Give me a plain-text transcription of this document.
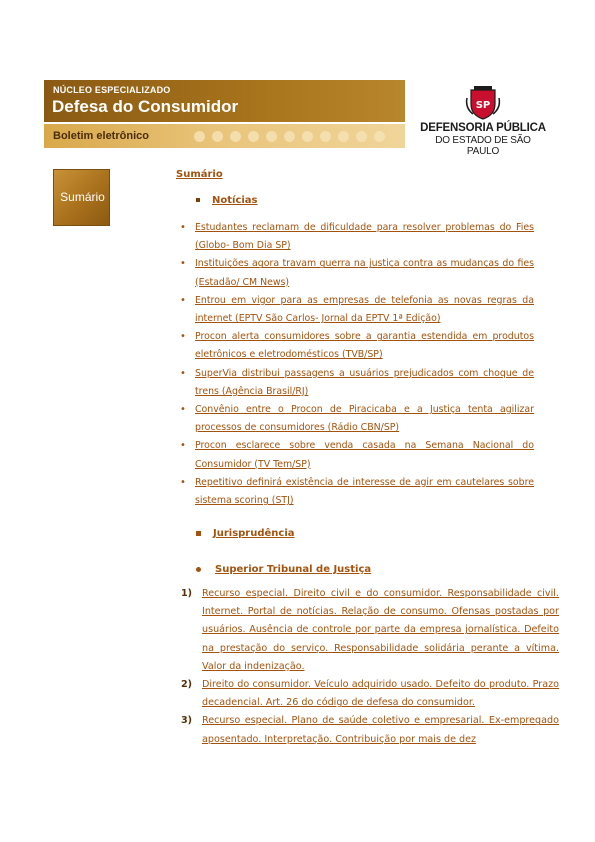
NÚCLEO ESPECIALIZADO
Defesa do Consumidor
Boletim eletrônico
SP
DEFENSORIA PÚBLICA
DO ESTADO DE SÃO PAULO
Sumário
Sumário
Notícias
• Estudantes reclamam de dificuldade para resolver problemas do Fies (Globo- Bom Dia SP)
• Instituições agora travam guerra na justiça contra as mudanças do fies (Estadão/ CM News)
• Entrou em vigor para as empresas de telefonia as novas regras da internet (EPTV São Carlos- Jornal da EPTV 1ª Edição)
• Procon alerta consumidores sobre a garantia estendida em produtos eletrônicos e eletrodomésticos (TVB/SP)
• SuperVia distribui passagens a usuários prejudicados com choque de trens (Agência Brasil/RJ)
• Convênio entre o Procon de Piracicaba e a Justiça tenta agilizar processos de consumidores (Rádio CBN/SP)
• Procon esclarece sobre venda casada na Semana Nacional do Consumidor (TV Tem/SP)
• Repetitivo definirá existência de interesse de agir em cautelares sobre sistema scoring (STJ)
Jurisprudência
Superior Tribunal de Justiça
1) Recurso especial. Direito civil e do consumidor. Responsabilidade civil. Internet. Portal de notícias. Relação de consumo. Ofensas postadas por usuários. Ausência de controle por parte da empresa jornalística. Defeito na prestação do serviço. Responsabilidade solidária perante a vítima. Valor da indenização.
2) Direito do consumidor. Veículo adquirido usado. Defeito do produto. Prazo decadencial. Art. 26 do código de defesa do consumidor.
3) Recurso especial. Plano de saúde coletivo e empresarial. Ex-empregado aposentado. Interpretação. Contribuição por mais de dez
